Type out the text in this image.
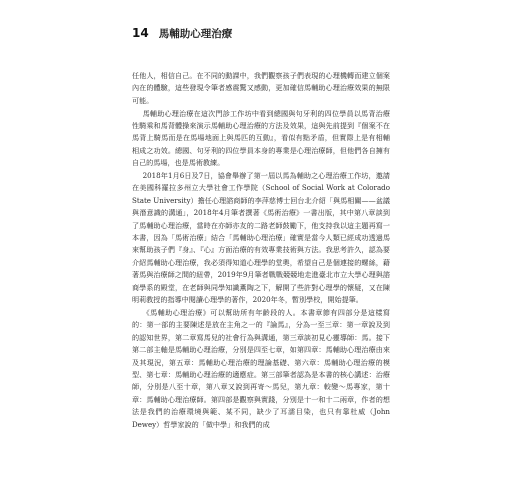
14 馬輔助心理治療

任他人，相信自己。在不同的動課中，我們觀察孩子們表現的心理機轉而建立個案內在的體驗，這些發現令筆者感震驚又感動，更加確信馬輔助心理治療效果的無限可能。

馬輔助心理治療在這次門診工作坊中看到總國與句牙利的四位學員以馬背治療性騎乘和馬背體操來演示馬輔助心理治療的方法及效果，這與先前提到『個案不在馬背上騎馬而是在馬場地面上與馬匹的互動』，看似有點矛盾，但實際上是有相輔相成之功效。總國、句牙利的四位學員本身的專業是心理治療師，但他們各自擁有自己的馬場，也是馬術教練。

2018年1月6日及7日，協會舉辦了第一屆以馬為輔助之心理治療工作坊，邀請在美國科羅拉多州立大學社會工作學院（School of Social Work at Colorado State University）擔任心理諮商師的李萍慈博士回台北介紹「與馬相關——盆議與潛意識的溝通」，2018年4月筆者撰著《馬術治療》一書出版，其中第八章談到了馬輔助心理治療，當時在亦師亦友的二路老師鼓勵下，他支持我以這主題再寫一本書，因為「馬術治療」結合「馬輔助心理治療」確實是當今人類已經成功透過馬來幫助孩子們『身』、『心』方面治療的有效專業技術與方法。我思考許久，認為要介紹馬輔助心理治療，我必須得知道心理學的堂奧，希望自己是個連接的螺絲，藉著馬與治療師之間的紐帶，2019年9月筆者戰戰競競地走進臺北市立大學心理與諮商學系的殿堂，在老師與同學知識薫陶之下，解開了些許對心理學的懷疑，又在陳明莉教授的指導中閱讀心理學的著作，2020年冬，暫別學校，開始提筆。

《馬輔助心理治療》可以幫助所有年齡段的人。本書章節有四部分是這樣寫的：第一部的主要陳述是放在主角之一的『論馬』，分為一至三章：第一章說及到的認知世界，第二章寫馬兒的社會行為與溝通，第三章談初見心靈導師：馬。接下第二部主軸是馬輔助心理治療，分別是四至七章，如第四章：馬輔助心理治療由來及其現況，第五章：馬輔助心理治療的理論基礎、第六章：馬輔助心理治療的模型、第七章：馬輔助心理治療的適應症。第三部筆者認為是本書的核心講述：治療師，分別是八至十章，第八章又說到再寄～馬兒，第九章：較變～馬專家，第十章：馬輔助心理治療師。第四部是觀察與實踐，分別是十一和十二兩章，作者的想法是我們的治療環境與範、某不同，缺少了耳濡目染，也只有靠杜威（John Dewey）哲學家說的「做中學」和我們的成
